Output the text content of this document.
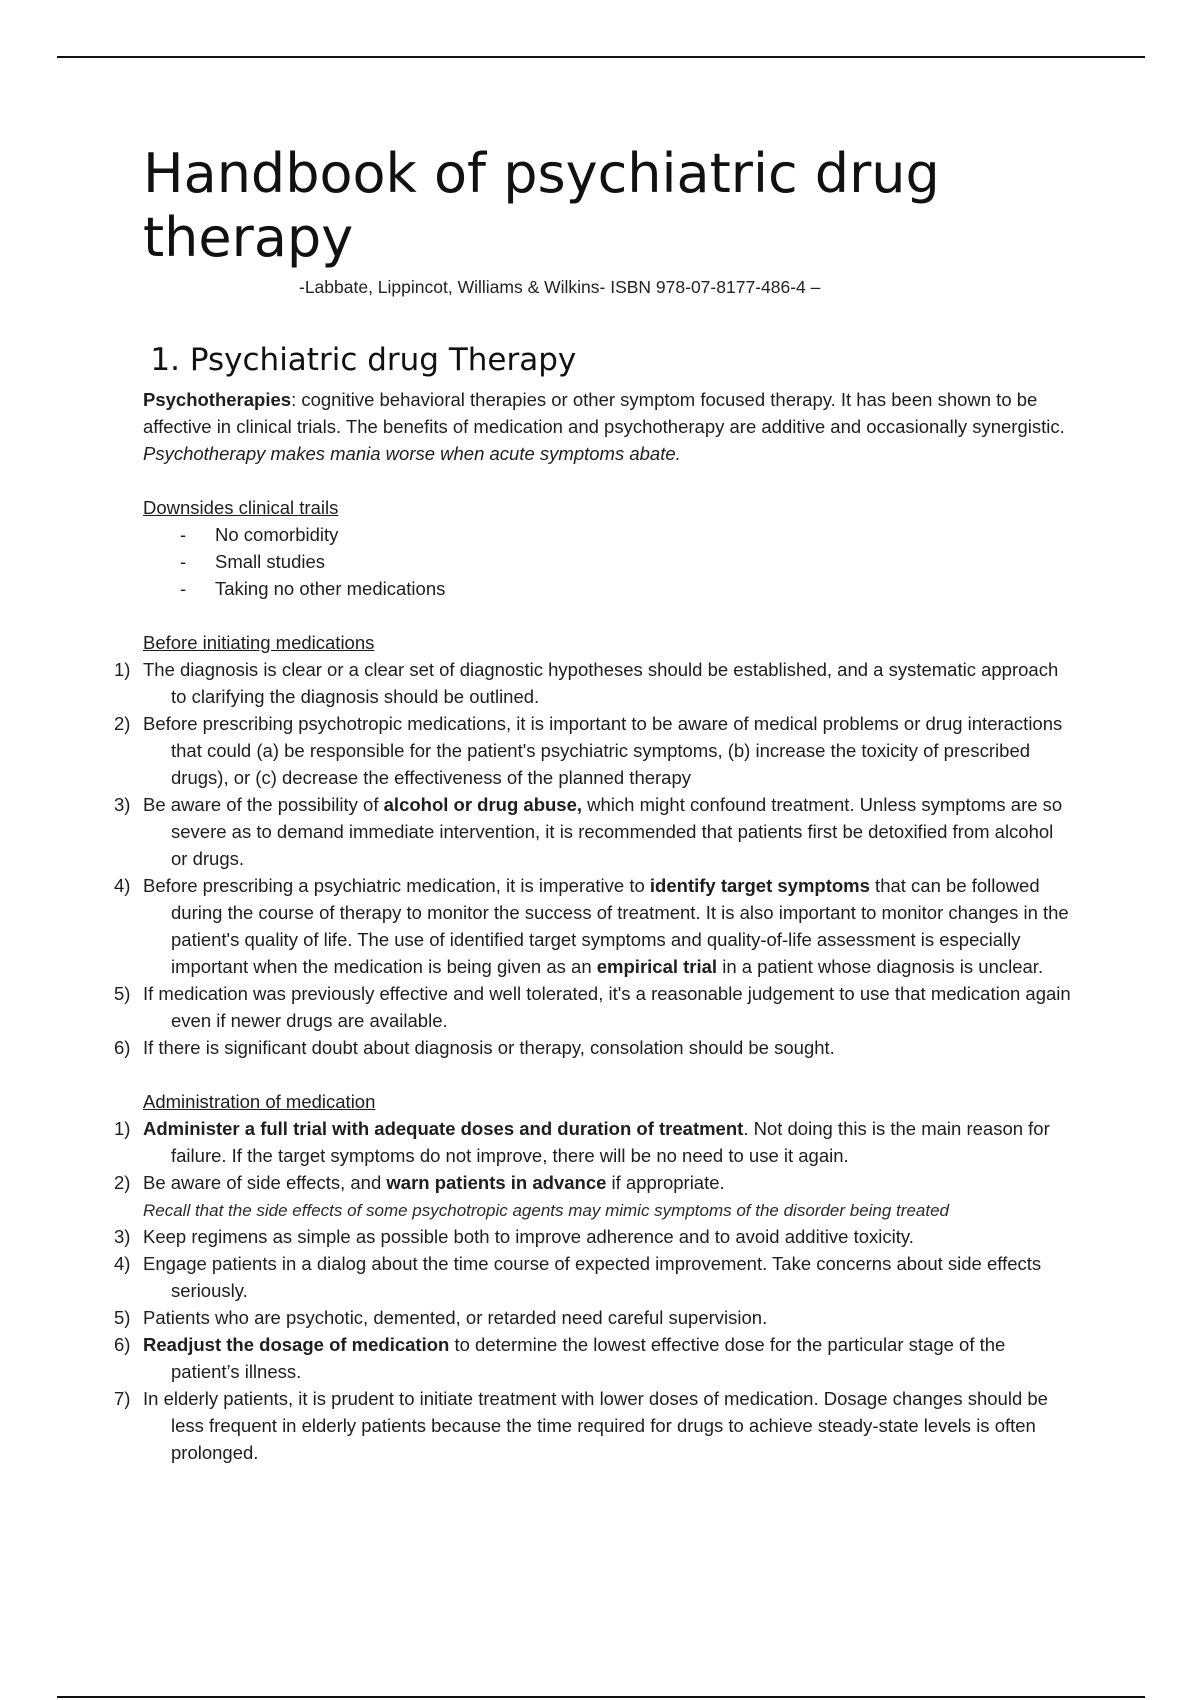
Handbook of psychiatric drug therapy

-Labbate, Lippincot, Williams & Wilkins- ISBN 978-07-8177-486-4 –

1. Psychiatric drug Therapy

Psychotherapies: cognitive behavioral therapies or other symptom focused therapy. It has been shown to be affective in clinical trials. The benefits of medication and psychotherapy are additive and occasionally synergistic.

Psychotherapy makes mania worse when acute symptoms abate.

Downsides clinical trails

-	No comorbidity
-	Small studies
-	Taking no other medications

Before initiating medications

1) The diagnosis is clear or a clear set of diagnostic hypotheses should be established, and a systematic approach to clarifying the diagnosis should be outlined.
2) Before prescribing psychotropic medications, it is important to be aware of medical problems or drug interactions that could (a) be responsible for the patient's psychiatric symptoms, (b) increase the toxicity of prescribed drugs), or (c) decrease the effectiveness of the planned therapy
3) Be aware of the possibility of alcohol or drug abuse, which might confound treatment. Unless symptoms are so severe as to demand immediate intervention, it is recommended that patients first be detoxified from alcohol or drugs.
4) Before prescribing a psychiatric medication, it is imperative to identify target symptoms that can be followed during the course of therapy to monitor the success of treatment. It is also important to monitor changes in the patient's quality of life. The use of identified target symptoms and quality-of-life assessment is especially important when the medication is being given as an empirical trial in a patient whose diagnosis is unclear.
5) If medication was previously effective and well tolerated, it's a reasonable judgement to use that medication again even if newer drugs are available.
6) If there is significant doubt about diagnosis or therapy, consolation should be sought.

Administration of medication

1) Administer a full trial with adequate doses and duration of treatment. Not doing this is the main reason for failure. If the target symptoms do not improve, there will be no need to use it again.
2) Be aware of side effects, and warn patients in advance if appropriate.
Recall that the side effects of some psychotropic agents may mimic symptoms of the disorder being treated
3) Keep regimens as simple as possible both to improve adherence and to avoid additive toxicity.
4) Engage patients in a dialog about the time course of expected improvement. Take concerns about side effects seriously.
5) Patients who are psychotic, demented, or retarded need careful supervision.
6) Readjust the dosage of medication to determine the lowest effective dose for the particular stage of the patient’s illness.
7) In elderly patients, it is prudent to initiate treatment with lower doses of medication. Dosage changes should be less frequent in elderly patients because the time required for drugs to achieve steady-state levels is often prolonged.
